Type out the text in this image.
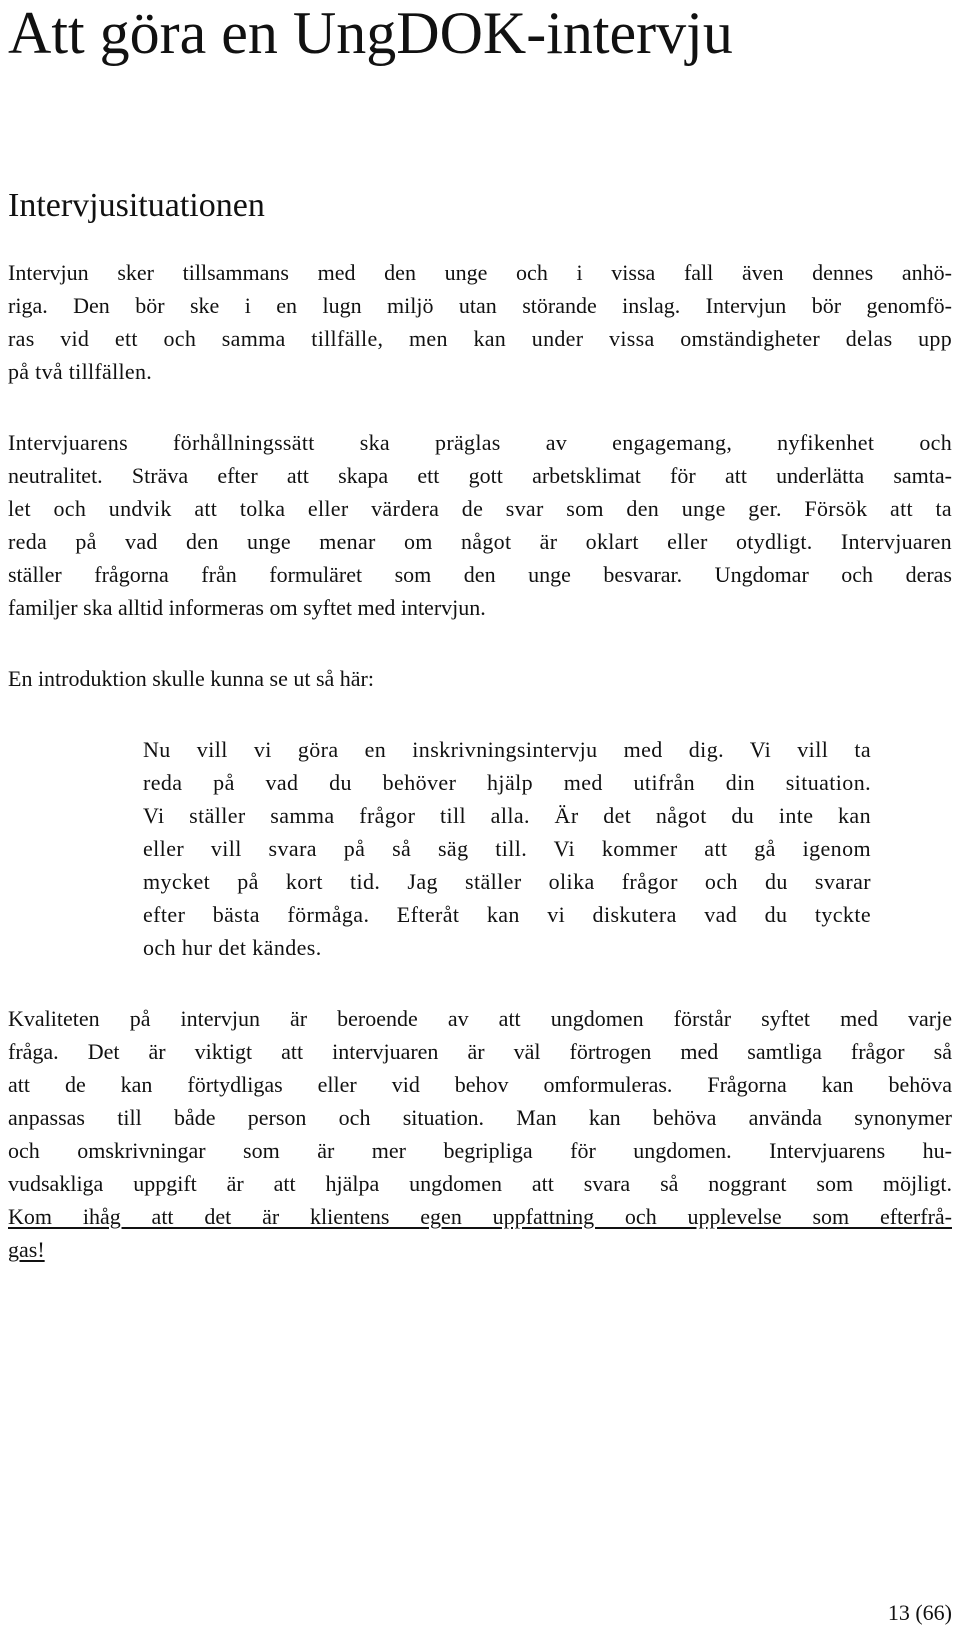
Att göra en UngDOK-intervju
Intervjusituationen
Intervjun sker tillsammans med den unge och i vissa fall även dennes anhö-
riga. Den bör ske i en lugn miljö utan störande inslag. Intervjun bör genomfö-
ras vid ett och samma tillfälle, men kan under vissa omständigheter delas upp
på två tillfällen.
Intervjuarens förhållningssätt ska präglas av engagemang, nyfikenhet och
neutralitet. Sträva efter att skapa ett gott arbetsklimat för att underlätta samta-
let och undvik att tolka eller värdera de svar som den unge ger. Försök att ta
reda på vad den unge menar om något är oklart eller otydligt. Intervjuaren
ställer frågorna från formuläret som den unge besvarar. Ungdomar och deras
familjer ska alltid informeras om syftet med intervjun.
En introduktion skulle kunna se ut så här:
Nu vill vi göra en inskrivningsintervju med dig. Vi vill ta
reda på vad du behöver hjälp med utifrån din situation.
Vi ställer samma frågor till alla. Är det något du inte kan
eller vill svara på så säg till. Vi kommer att gå igenom
mycket på kort tid. Jag ställer olika frågor och du svarar
efter bästa förmåga. Efteråt kan vi diskutera vad du tyckte
och hur det kändes.
Kvaliteten på intervjun är beroende av att ungdomen förstår syftet med varje
fråga. Det är viktigt att intervjuaren är väl förtrogen med samtliga frågor så
att de kan förtydligas eller vid behov omformuleras. Frågorna kan behöva
anpassas till både person och situation. Man kan behöva använda synonymer
och omskrivningar som är mer begripliga för ungdomen. Intervjuarens hu-
vudsakliga uppgift är att hjälpa ungdomen att svara så noggrant som möjligt.
Kom ihåg att det är klientens egen uppfattning och upplevelse som efterfrå-
gas!
13 (66)
